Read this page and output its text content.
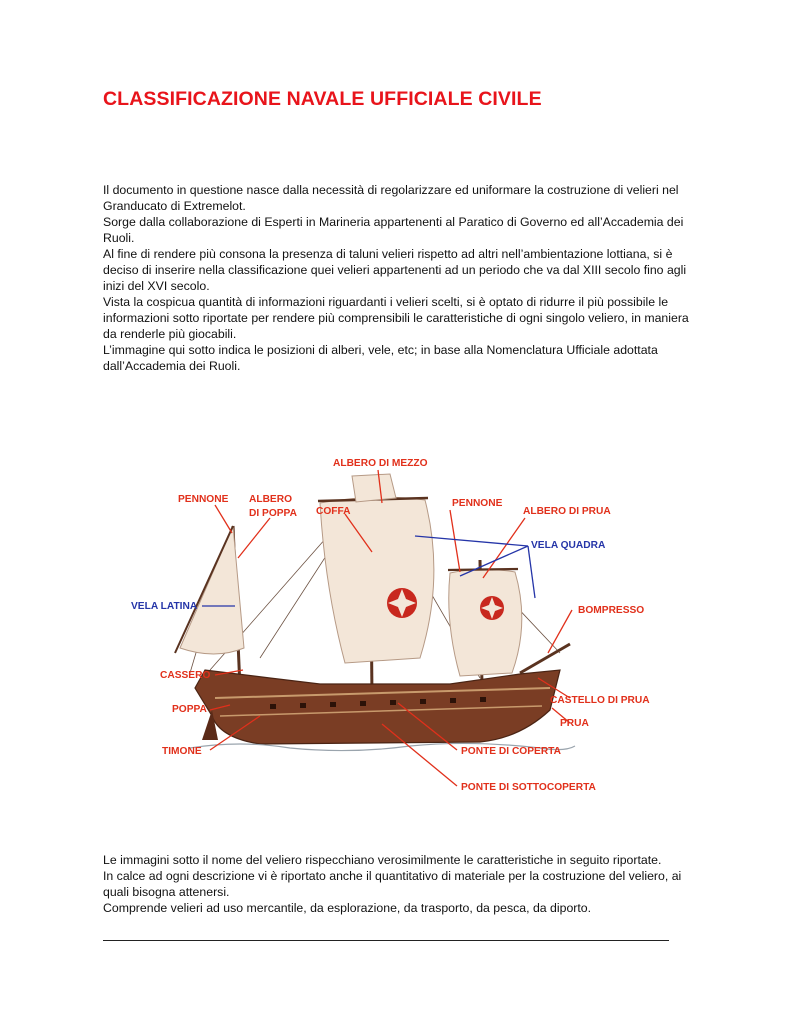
CLASSIFICAZIONE NAVALE UFFICIALE CIVILE

Il documento in questione nasce dalla necessità di regolarizzare ed uniformare la costruzione di velieri nel Granducato di Extremelot.

Sorge dalla collaborazione di Esperti in Marineria appartenenti al Paratico di Governo ed all’Accademia dei Ruoli.

Al fine di rendere più consona la presenza di taluni velieri rispetto ad altri nell’ambientazione lottiana, si è deciso di inserire nella classificazione quei velieri appartenenti ad un periodo che va dal XIII secolo fino agli inizi del XVI secolo.

Vista la cospicua quantità di informazioni riguardanti i velieri scelti, si è optato di ridurre il più possibile le informazioni sotto riportate per rendere più comprensibili le caratteristiche di ogni singolo veliero, in maniera da renderle più giocabili.

L’immagine qui sotto indica le posizioni di alberi, vele, etc; in base alla Nomenclatura Ufficiale adottata dall’Accademia dei Ruoli.

ALBERO DI MEZZO
PENNONE ALBERO
DI POPPA COFFA
PENNONE
ALBERO DI PRUA
VELA QUADRA
VELA LATINA	BOMPRESSO
CASSERO
CASTELLO DI PRUA
POPPA
PRUA
TIMONE	PONTE DI COPERTA
PONTE DI SOTTOCOPERTA

Le immagini sotto il nome del veliero rispecchiano verosimilmente le caratteristiche in seguito riportate.

In calce ad ogni descrizione vi è riportato anche il quantitativo di materiale per la costruzione del veliero, ai quali bisogna attenersi.

Comprende velieri ad uso mercantile, da esplorazione, da trasporto, da pesca, da diporto.
